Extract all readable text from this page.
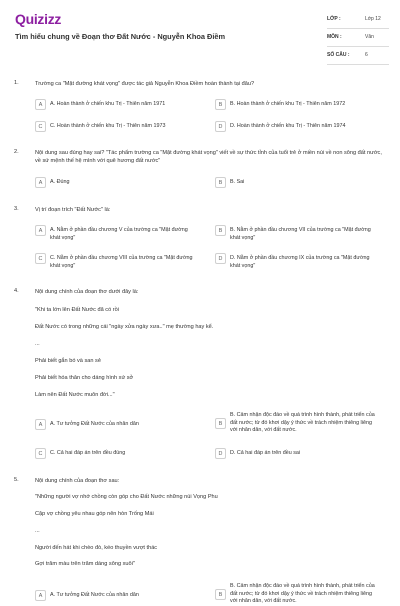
Quizizz
Tìm hiểu chung về Đoạn thơ Đất Nước - Nguyễn Khoa Điềm
LỚP :	Lớp 12
MÔN :	Văn
SỐ CÂU :	6
1.	Trường ca "Mặt đường khát vọng" được tác giả Nguyễn Khoa Điềm hoàn thành tại đâu?
A	A. Hoàn thành ở chiến khu Trị - Thiên năm 1971	B	B. Hoàn thành ở chiến khu Trị - Thiên năm 1972
C	C. Hoàn thành ở chiến khu Trị - Thiên năm 1973	D	D. Hoàn thành ở chiến khu Trị - Thiên năm 1974
2.	Nội dung sau đúng hay sai? "Tác phẩm trường ca "Mặt đường khát vọng" viết về sự thức tỉnh của tuổi trẻ ở miền núi về non sông đất nước, về sứ mệnh thế hệ mình với quê hương đất nước"
A	A. Đúng	B	B. Sai
3.	Vị trí đoạn trích "Đất Nước" là:
A	A. Nằm ở phần đầu chương V của trường ca "Mặt đường khát vọng"
B	B. Nằm ở phần đầu chương VII của trường ca "Mặt đường khát vọng"
C	C. Nằm ở phần đầu chương VIII của trường ca "Mặt đường khát vọng"
D	D. Nằm ở phần đầu chương IX của trường ca "Mặt đường khát vọng"
4.	Nội dung chính của đoạn thơ dưới đây là:
"Khi ta lớn lên Đất Nước đã có rồi
Đất Nước có trong những cái "ngày xửa ngày xưa.." mẹ thường hay kể.
...
Phải biết gắn bó và san sẻ
Phải biết hóa thân cho dáng hình xứ sở
Làm nên Đất Nước muôn đời..."
A	A. Tư tưởng Đất Nước của nhân dân	B
B. Cảm nhận độc đáo về quá trình hình thành, phát triển của đất nước; từ đó khơi dậy ý thức về trách nhiệm thiêng liêng với nhân dân, với đất nước.
C	C. Cả hai đáp án trên đều đúng	D	D. Cả hai đáp án trên đều sai
5.	Nội dung chính của đoạn thơ sau:
"Những người vợ nhớ chồng còn góp cho Đất Nước những núi Vọng Phu
Cặp vợ chồng yêu nhau góp nên hòn Trống Mái
...
Người đến hát khi chèo đò, kéo thuyền vượt thác
Gợi trăm màu trên trăm dáng sông xuôi"
A	A. Tư tưởng Đất Nước của nhân dân	B
B. Cảm nhận độc đáo về quá trình hình thành, phát triển của đất nước; từ đó khơi dậy ý thức về trách nhiệm thiêng liêng với nhân dân, với đất nước.
